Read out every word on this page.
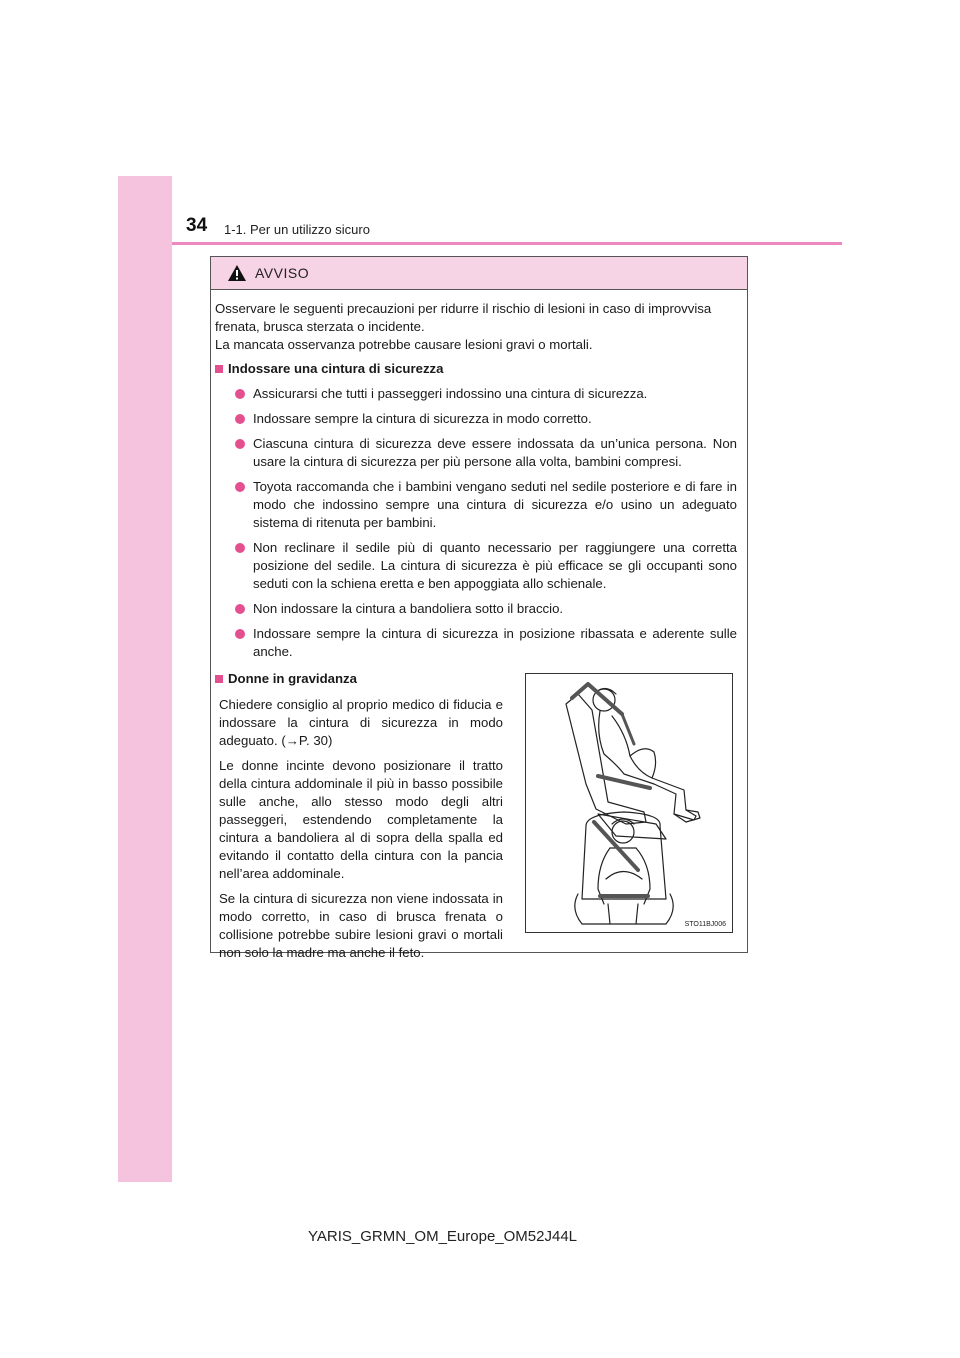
34 1-1. Per un utilizzo sicuro
AVVISO

Osservare le seguenti precauzioni per ridurre il rischio di lesioni in caso di improvvisa
frenata, brusca sterzata o incidente.
La mancata osservanza potrebbe causare lesioni gravi o mortali.

Indossare una cintura di sicurezza
Assicurarsi che tutti i passeggeri indossino una cintura di sicurezza.
Indossare sempre la cintura di sicurezza in modo corretto.
Ciascuna cintura di sicurezza deve essere indossata da un’unica persona. Non usare la cintura di sicurezza per più persone alla volta, bambini compresi.
Toyota raccomanda che i bambini vengano seduti nel sedile posteriore e di fare in modo che indossino sempre una cintura di sicurezza e/o usino un adeguato sistema di ritenuta per bambini.
Non reclinare il sedile più di quanto necessario per raggiungere una corretta posizione del sedile. La cintura di sicurezza è più efficace se gli occupanti sono seduti con la schiena eretta e ben appoggiata allo schienale.
Non indossare la cintura a bandoliera sotto il braccio.
Indossare sempre la cintura di sicurezza in posizione ribassata e aderente sulle anche.
Donne in gravidanza

Chiedere consiglio al proprio medico di fiducia e indossare la cintura di sicurezza in modo adeguato. (→P. 30)

Le donne incinte devono posizionare il tratto della cintura addominale il più in basso possibile sulle anche, allo stesso modo degli altri passeggeri, estendendo completamente la cintura a bandoliera al di sopra della spalla ed evitando il contatto della cintura con la pancia nell’area addominale.

Se la cintura di sicurezza non viene indossata in modo corretto, in caso di brusca frenata o collisione potrebbe subire lesioni gravi o mortali non solo la madre ma anche il feto.

STO11BJ006
YARIS_GRMN_OM_Europe_OM52J44L
